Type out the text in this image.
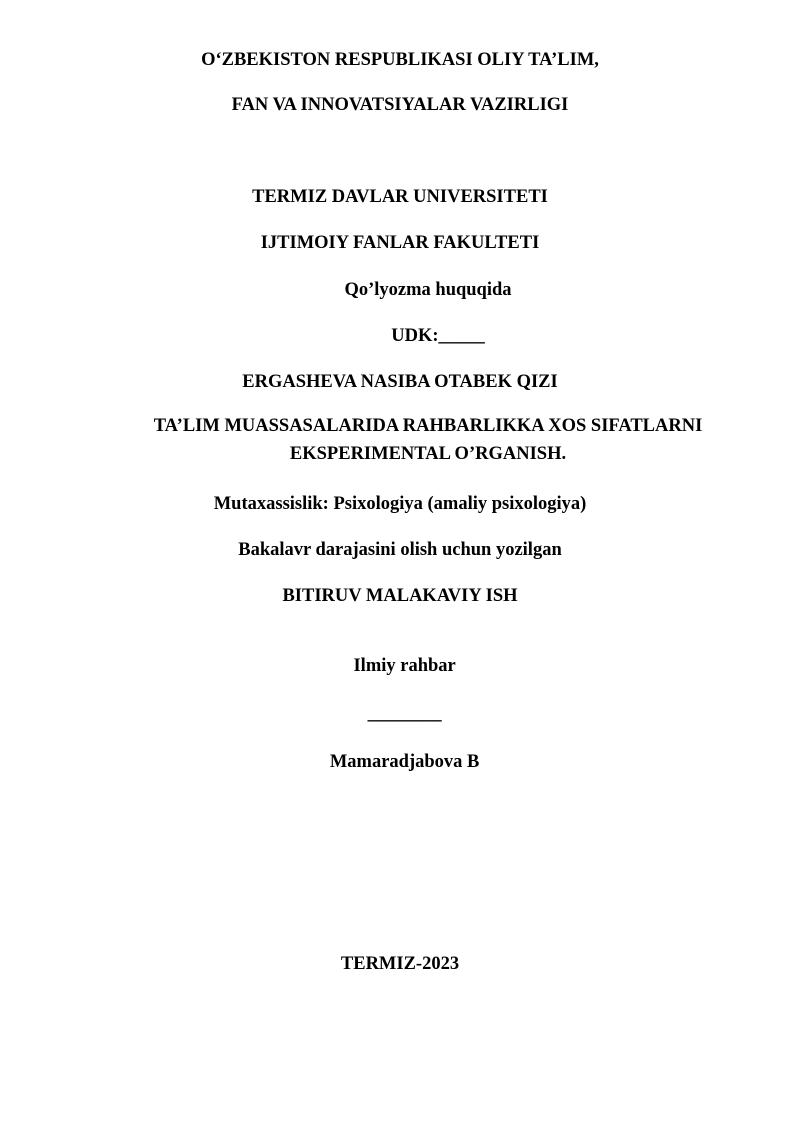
O‘ZBEKISTON RESPUBLIKASI OLIY TA’LIM,
FAN VA INNOVATSIYALAR VAZIRLIGI
TERMIZ DAVLAR UNIVERSITETI
IJTIMOIY FANLAR FAKULTETI
Qo’lyozma huquqida
UDK:_____
ERGASHEVA NASIBA OTABEK QIZI
TA’LIM MUASSASALARIDA RAHBARLIKKA XOS SIFATLARNI EKSPERIMENTAL O’RGANISH.
Mutaxassislik: Psixologiya (amaliy psixologiya)
Bakalavr darajasini olish uchun yozilgan
BITIRUV MALAKAVIY ISH

Ilmiy rahbar

________

Mamaradjabova B

TERMIZ-2023
